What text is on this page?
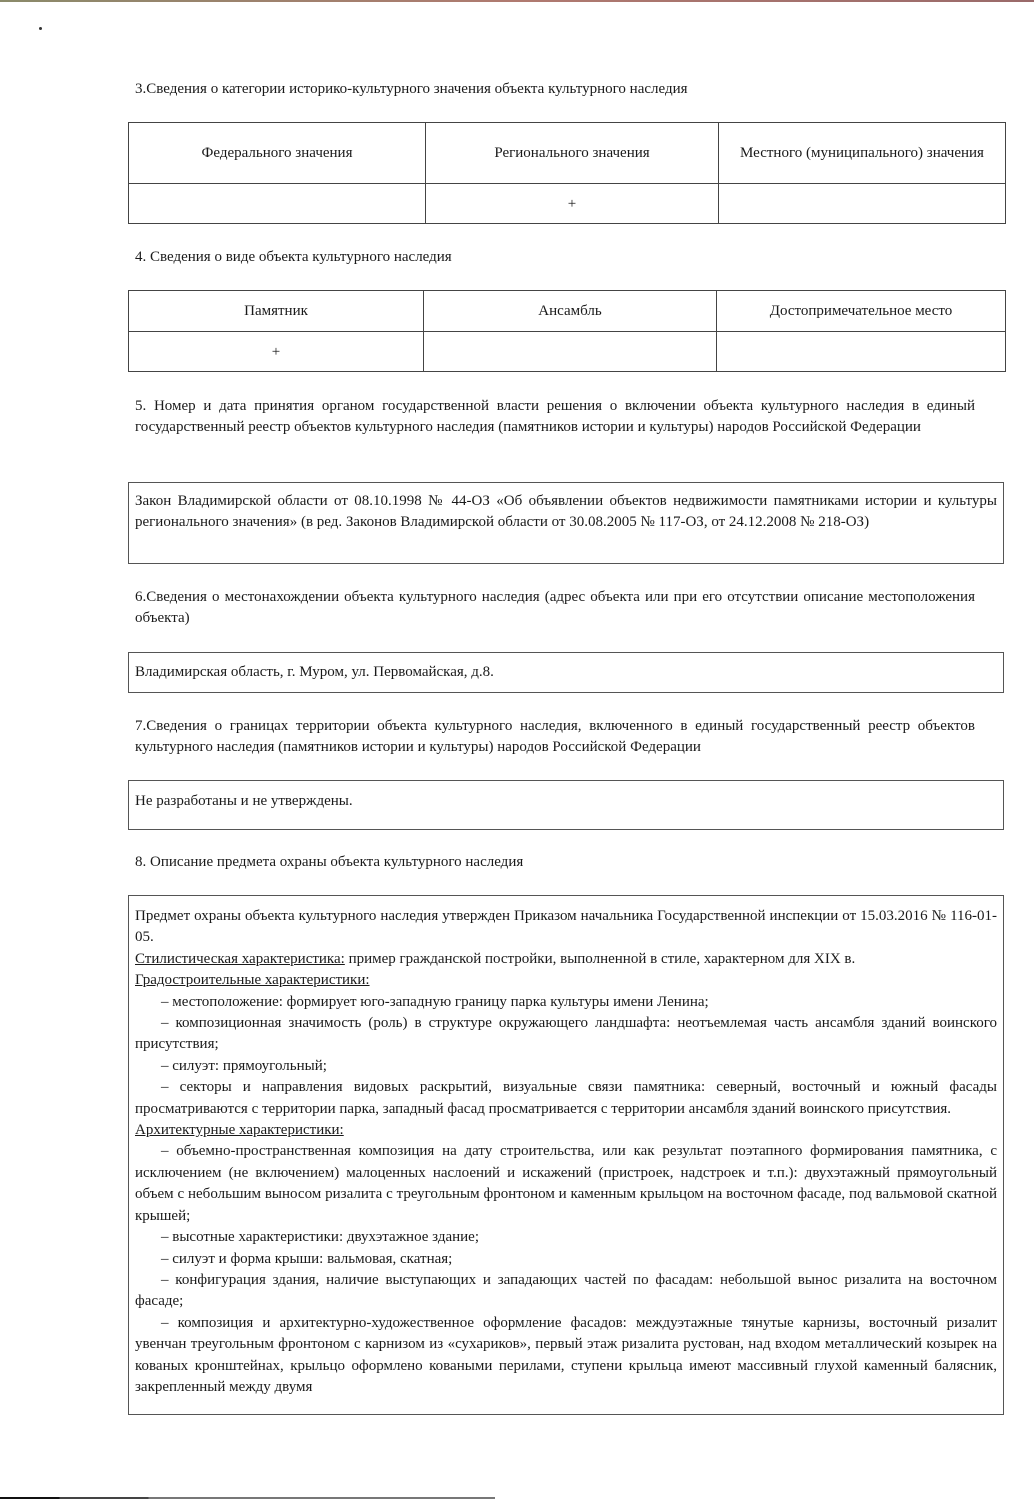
3.Сведения о категории историко-культурного значения объекта культурного наследия
Федерального значения	Регионального значения	Местного (муниципального) значения
	+	
4. Сведения о виде объекта культурного наследия
Памятник	Ансамбль	Достопримечательное место
+		
5. Номер и дата принятия органом государственной власти решения о включении объекта культурного наследия в единый государственный реестр объектов культурного наследия (памятников истории и культуры) народов Российской Федерации

Закон Владимирской области от 08.10.1998 № 44-ОЗ «Об объявлении объектов недвижимости памятниками истории и культуры регионального значения» (в ред. Законов Владимирской области от 30.08.2005 № 117-ОЗ, от 24.12.2008 № 218-ОЗ)

6.Сведения о местонахождении объекта культурного наследия (адрес объекта или при его отсутствии описание местоположения объекта)

Владимирская область, г. Муром, ул. Первомайская, д.8.

7.Сведения о границах территории объекта культурного наследия, включенного в единый государственный реестр объектов культурного наследия (памятников истории и культуры) народов Российской Федерации

Не разработаны и не утверждены.

8. Описание предмета охраны объекта культурного наследия

Предмет охраны объекта культурного наследия утвержден Приказом начальника Государственной инспекции от 15.03.2016 № 116-01-05.

Стилистическая характеристика: пример гражданской постройки, выполненной в стиле, характерном для XIX в.

Градостроительные характеристики:

– местоположение: формирует юго-западную границу парка культуры имени Ленина;

– композиционная значимость (роль) в структуре окружающего ландшафта: неотъемлемая часть ансамбля зданий воинского присутствия;

– силуэт: прямоугольный;

– секторы и направления видовых раскрытий, визуальные связи памятника: северный, восточный и южный фасады просматриваются с территории парка, западный фасад просматривается с территории ансамбля зданий воинского присутствия.

Архитектурные характеристики:

– объемно-пространственная композиция на дату строительства, или как результат поэтапного формирования памятника, с исключением (не включением) малоценных наслоений и искажений (пристроек, надстроек и т.п.): двухэтажный прямоугольный объем с небольшим выносом ризалита с треугольным фронтоном и каменным крыльцом на восточном фасаде, под вальмовой скатной крышей;

– высотные характеристики: двухэтажное здание;

– силуэт и форма крыши: вальмовая, скатная;

– конфигурация здания, наличие выступающих и западающих частей по фасадам: небольшой вынос ризалита на восточном фасаде;

– композиция и архитектурно-художественное оформление фасадов: междуэтажные тянутые карнизы, восточный ризалит увенчан треугольным фронтоном с карнизом из «сухариков», первый этаж ризалита рустован, над входом металлический козырек на кованых кронштейнах, крыльцо оформлено коваными перилами, ступени крыльца имеют массивный глухой каменный балясник, закрепленный между двумя
